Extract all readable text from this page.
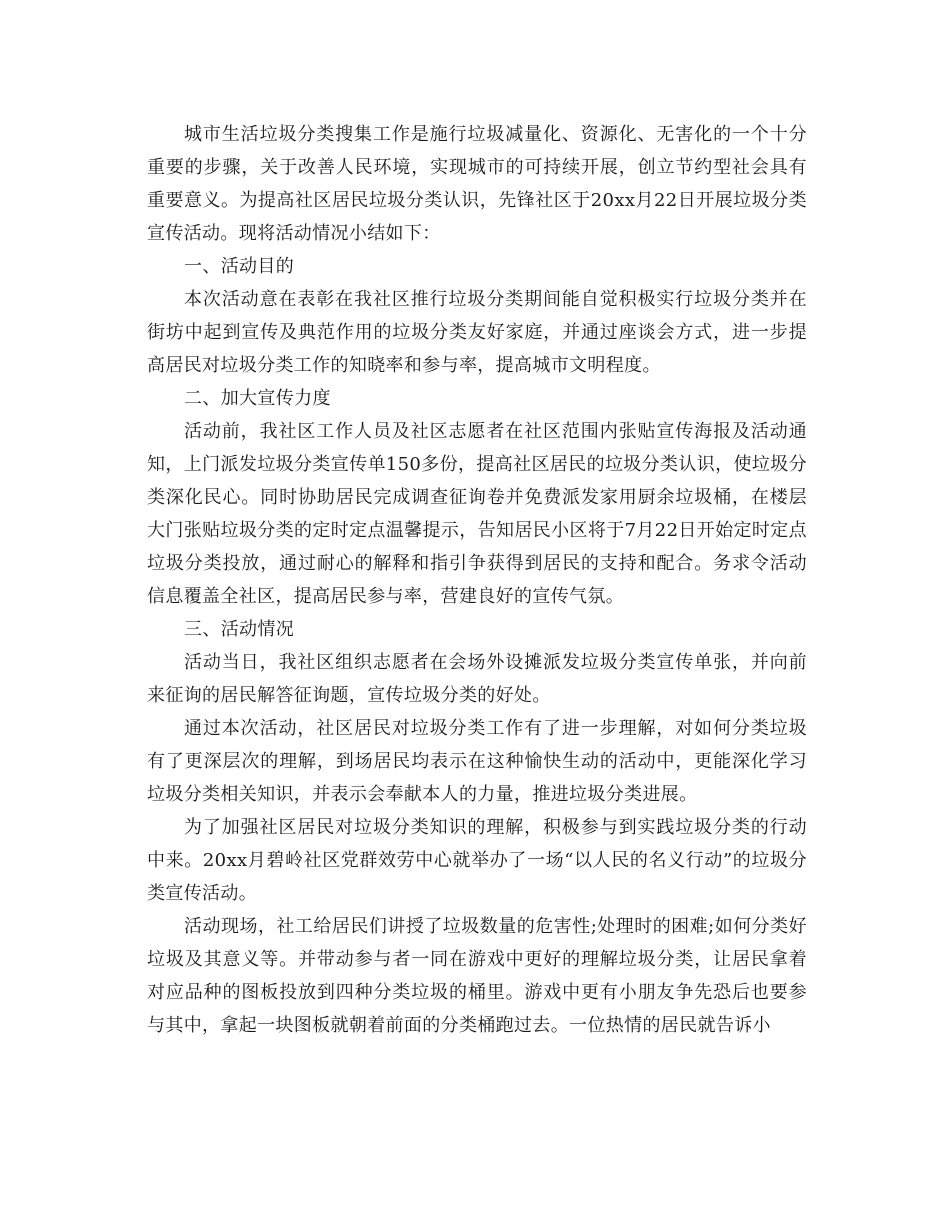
城市生活垃圾分类搜集工作是施行垃圾减量化、资源化、无害化的一个十分重要的步骤，关于改善人民环境，实现城市的可持续开展，创立节约型社会具有重要意义。为提高社区居民垃圾分类认识，先锋社区于20xx月22日开展垃圾分类宣传活动。现将活动情况小结如下：

一、活动目的

本次活动意在表彰在我社区推行垃圾分类期间能自觉积极实行垃圾分类并在街坊中起到宣传及典范作用的垃圾分类友好家庭，并通过座谈会方式，进一步提高居民对垃圾分类工作的知晓率和参与率，提高城市文明程度。

二、加大宣传力度

活动前，我社区工作人员及社区志愿者在社区范围内张贴宣传海报及活动通知，上门派发垃圾分类宣传单150多份，提高社区居民的垃圾分类认识，使垃圾分类深化民心。同时协助居民完成调查征询卷并免费派发家用厨余垃圾桶，在楼层大门张贴垃圾分类的定时定点温馨提示，告知居民小区将于7月22日开始定时定点垃圾分类投放，通过耐心的解释和指引争获得到居民的支持和配合。务求令活动信息覆盖全社区，提高居民参与率，营建良好的宣传气氛。

三、活动情况

活动当日，我社区组织志愿者在会场外设摊派发垃圾分类宣传单张，并向前来征询的居民解答征询题，宣传垃圾分类的好处。

通过本次活动，社区居民对垃圾分类工作有了进一步理解，对如何分类垃圾有了更深层次的理解，到场居民均表示在这种愉快生动的活动中，更能深化学习垃圾分类相关知识，并表示会奉献本人的力量，推进垃圾分类进展。

为了加强社区居民对垃圾分类知识的理解，积极参与到实践垃圾分类的行动中来。20xx月碧岭社区党群效劳中心就举办了一场“以人民的名义行动”的垃圾分类宣传活动。

活动现场，社工给居民们讲授了垃圾数量的危害性;处理时的困难;如何分类好垃圾及其意义等。并带动参与者一同在游戏中更好的理解垃圾分类，让居民拿着对应品种的图板投放到四种分类垃圾的桶里。游戏中更有小朋友争先恐后也要参与其中，拿起一块图板就朝着前面的分类桶跑过去。一位热情的居民就告诉小
